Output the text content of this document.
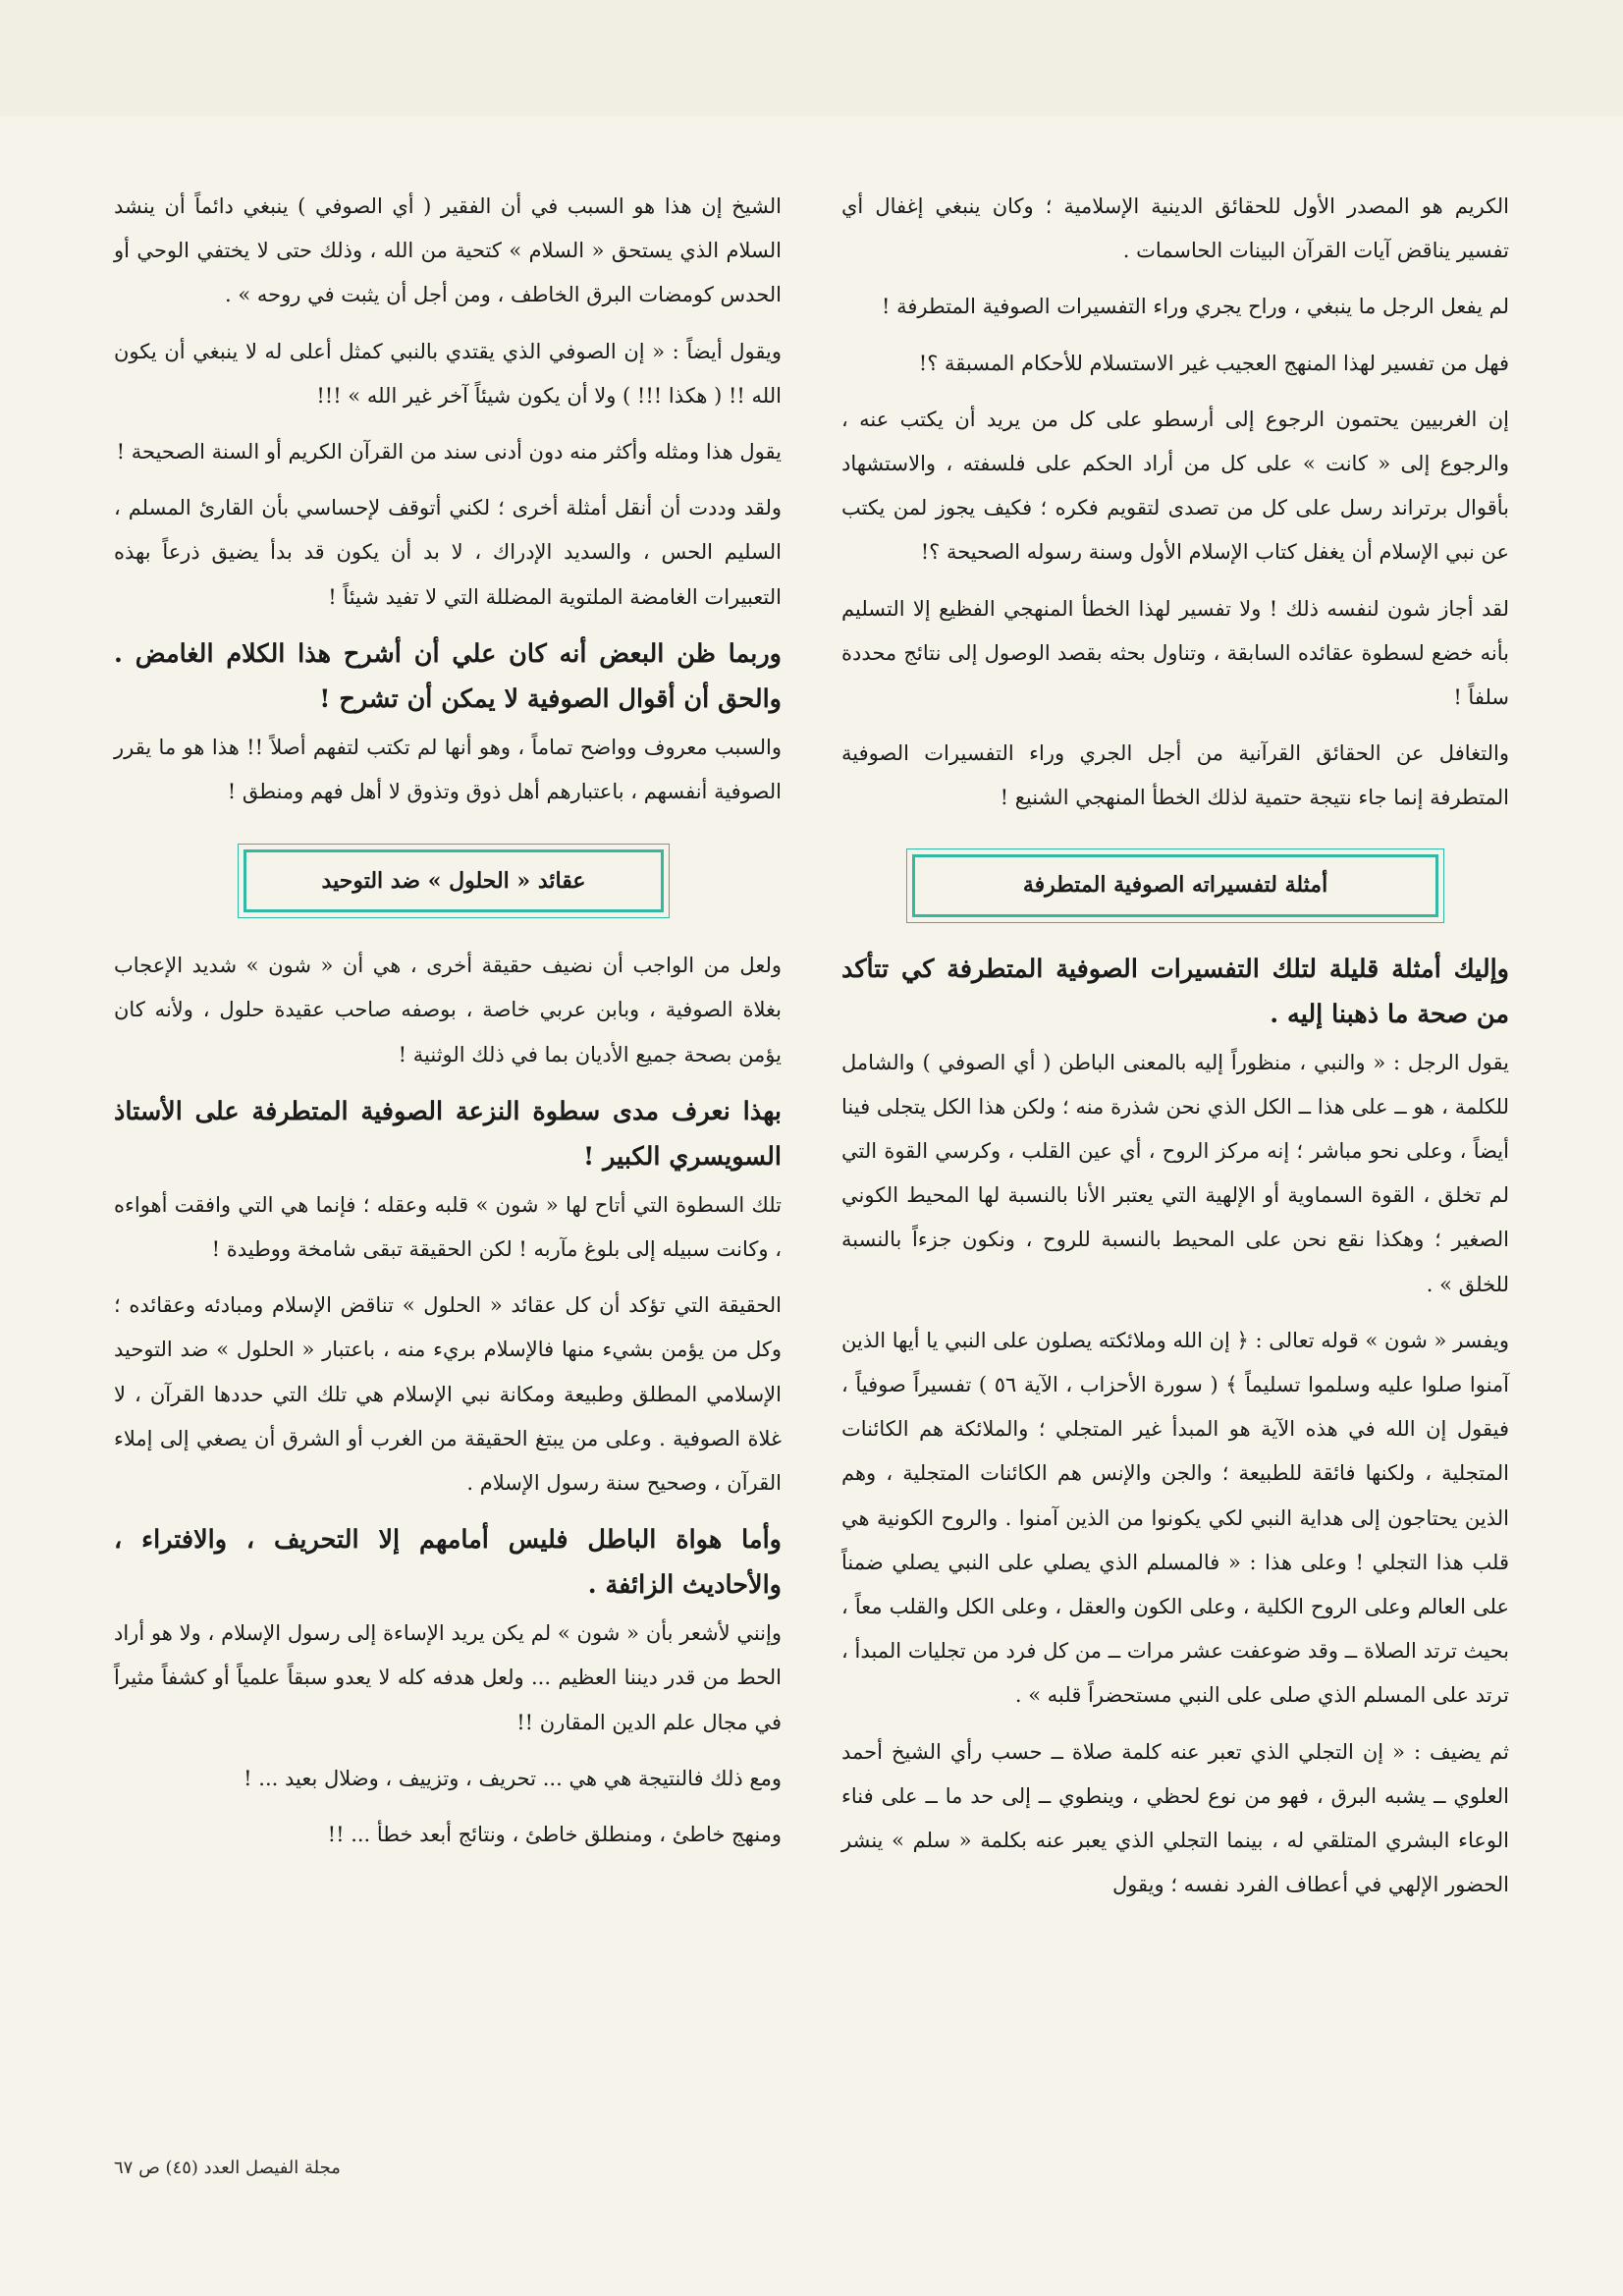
الكريم هو المصدر الأول للحقائق الدينية الإسلامية ؛ وكان ينبغي إغفال أي تفسير يناقض آيات القرآن البينات الحاسمات .

لم يفعل الرجل ما ينبغي ، وراح يجري وراء التفسيرات الصوفية المتطرفة !

فهل من تفسير لهذا المنهج العجيب غير الاستسلام للأحكام المسبقة ؟!

إن الغربيين يحتمون الرجوع إلى أرسطو على كل من يريد أن يكتب عنه ، والرجوع إلى « كانت » على كل من أراد الحكم على فلسفته ، والاستشهاد بأقوال برتراند رسل على كل من تصدى لتقويم فكره ؛ فكيف يجوز لمن يكتب عن نبي الإسلام أن يغفل كتاب الإسلام الأول وسنة رسوله الصحيحة ؟!

لقد أجاز شون لنفسه ذلك ! ولا تفسير لهذا الخطأ المنهجي الفظيع إلا التسليم بأنه خضع لسطوة عقائده السابقة ، وتناول بحثه بقصد الوصول إلى نتائج محددة سلفاً !

والتغافل عن الحقائق القرآنية من أجل الجري وراء التفسيرات الصوفية المتطرفة إنما جاء نتيجة حتمية لذلك الخطأ المنهجي الشنيع !

أمثلة لتفسيراته الصوفية المتطرفة

وإليك أمثلة قليلة لتلك التفسيرات الصوفية المتطرفة كي تتأكد من صحة ما ذهبنا إليه .

يقول الرجل : « والنبي ، منظوراً إليه بالمعنى الباطن ( أي الصوفي ) والشامل للكلمة ، هو ــ على هذا ــ الكل الذي نحن شذرة منه ؛ ولكن هذا الكل يتجلى فينا أيضاً ، وعلى نحو مباشر ؛ إنه مركز الروح ، أي عين القلب ، وكرسي القوة التي لم تخلق ، القوة السماوية أو الإلهية التي يعتبر الأنا بالنسبة لها المحيط الكوني الصغير ؛ وهكذا نقع نحن على المحيط بالنسبة للروح ، ونكون جزءاً بالنسبة للخلق » .

ويفسر « شون » قوله تعالى : ﴿ إن الله وملائكته يصلون على النبي يا أيها الذين آمنوا صلوا عليه وسلموا تسليماً ﴾ ( سورة الأحزاب ، الآية ٥٦ ) تفسيراً صوفياً ، فيقول إن الله في هذه الآية هو المبدأ غير المتجلي ؛ والملائكة هم الكائنات المتجلية ، ولكنها فائقة للطبيعة ؛ والجن والإنس هم الكائنات المتجلية ، وهم الذين يحتاجون إلى هداية النبي لكي يكونوا من الذين آمنوا . والروح الكونية هي قلب هذا التجلي ! وعلى هذا : « فالمسلم الذي يصلي على النبي يصلي ضمناً على العالم وعلى الروح الكلية ، وعلى الكون والعقل ، وعلى الكل والقلب معاً ، بحيث ترتد الصلاة ــ وقد ضوعفت عشر مرات ــ من كل فرد من تجليات المبدأ ، ترتد على المسلم الذي صلى على النبي مستحضراً قلبه » .

ثم يضيف : « إن التجلي الذي تعبر عنه كلمة صلاة ــ حسب رأي الشيخ أحمد العلوي ــ يشبه البرق ، فهو من نوع لحظي ، وينطوي ــ إلى حد ما ــ على فناء الوعاء البشري المتلقي له ، بينما التجلي الذي يعبر عنه بكلمة « سلم » ينشر الحضور الإلهي في أعطاف الفرد نفسه ؛ ويقول

الشيخ إن هذا هو السبب في أن الفقير ( أي الصوفي ) ينبغي دائماً أن ينشد السلام الذي يستحق « السلام » كتحية من الله ، وذلك حتى لا يختفي الوحي أو الحدس كومضات البرق الخاطف ، ومن أجل أن يثبت في روحه » .

ويقول أيضاً : « إن الصوفي الذي يقتدي بالنبي كمثل أعلى له لا ينبغي أن يكون الله !! ( هكذا !!! ) ولا أن يكون شيئاً آخر غير الله » !!!

يقول هذا ومثله وأكثر منه دون أدنى سند من القرآن الكريم أو السنة الصحيحة !

ولقد وددت أن أنقل أمثلة أخرى ؛ لكني أتوقف لإحساسي بأن القارئ المسلم ، السليم الحس ، والسديد الإدراك ، لا بد أن يكون قد بدأ يضيق ذرعاً بهذه التعبيرات الغامضة الملتوية المضللة التي لا تفيد شيئاً !

وربما ظن البعض أنه كان علي أن أشرح هذا الكلام الغامض . والحق أن أقوال الصوفية لا يمكن أن تشرح !

والسبب معروف وواضح تماماً ، وهو أنها لم تكتب لتفهم أصلاً !! هذا هو ما يقرر الصوفية أنفسهم ، باعتبارهم أهل ذوق وتذوق لا أهل فهم ومنطق !

عقائد « الحلول » ضد التوحيد

ولعل من الواجب أن نضيف حقيقة أخرى ، هي أن « شون » شديد الإعجاب بغلاة الصوفية ، وبابن عربي خاصة ، بوصفه صاحب عقيدة حلول ، ولأنه كان يؤمن بصحة جميع الأديان بما في ذلك الوثنية !

بهذا نعرف مدى سطوة النزعة الصوفية المتطرفة على الأستاذ السويسري الكبير !

تلك السطوة التي أتاح لها « شون » قلبه وعقله ؛ فإنما هي التي وافقت أهواءه ، وكانت سبيله إلى بلوغ مآربه ! لكن الحقيقة تبقى شامخة ووطيدة !

الحقيقة التي تؤكد أن كل عقائد « الحلول » تناقض الإسلام ومبادئه وعقائده ؛ وكل من يؤمن بشيء منها فالإسلام بريء منه ، باعتبار « الحلول » ضد التوحيد الإسلامي المطلق وطبيعة ومكانة نبي الإسلام هي تلك التي حددها القرآن ، لا غلاة الصوفية . وعلى من يبتغ الحقيقة من الغرب أو الشرق أن يصغي إلى إملاء القرآن ، وصحيح سنة رسول الإسلام .

وأما هواة الباطل فليس أمامهم إلا التحريف ، والافتراء ، والأحاديث الزائفة .

وإنني لأشعر بأن « شون » لم يكن يريد الإساءة إلى رسول الإسلام ، ولا هو أراد الحط من قدر ديننا العظيم ... ولعل هدفه كله لا يعدو سبقاً علمياً أو كشفاً مثيراً في مجال علم الدين المقارن !!

ومع ذلك فالنتيجة هي هي ... تحريف ، وتزييف ، وضلال بعيد ... !

ومنهج خاطئ ، ومنطلق خاطئ ، ونتائج أبعد خطأ ... !!

مجلة الفيصل العدد (٤٥) ص ٦٧
